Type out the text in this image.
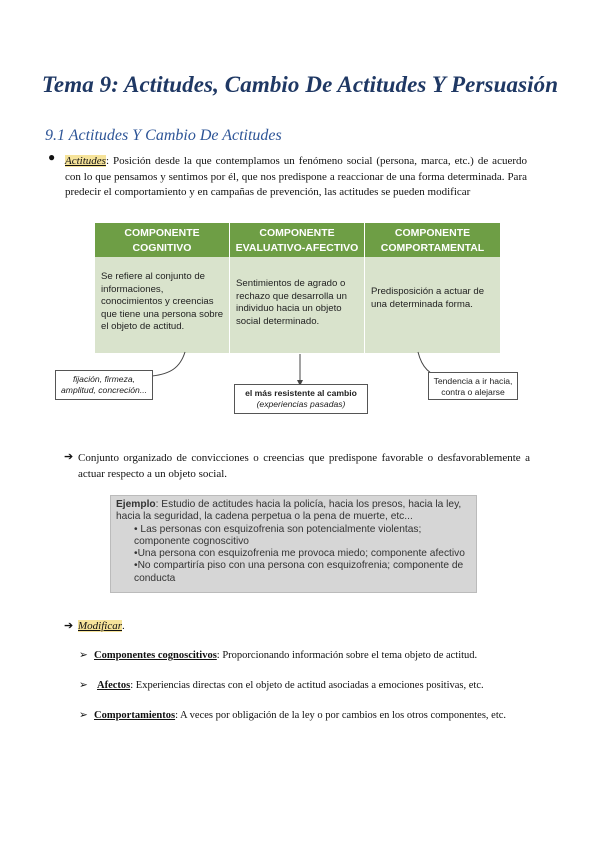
Tema 9: Actitudes, Cambio De Actitudes Y Persuasión
9.1 Actitudes Y Cambio De Actitudes
● Actitudes: Posición desde la que contemplamos un fenómeno social (persona, marca, etc.) de acuerdo con lo que pensamos y sentimos por él, que nos predispone a reaccionar de una forma determinada. Para predecir el comportamiento y en campañas de prevención, las actitudes se pueden modificar
COMPONENTE
COGNITIVO
Se refiere al conjunto de informaciones, conocimientos y creencias que tiene una persona sobre el objeto de actitud.
COMPONENTE
EVALUATIVO-AFECTIVO
Sentimientos de agrado o rechazo que desarrolla un individuo hacia un objeto social determinado.
COMPONENTE
COMPORTAMENTAL
Predisposición a actuar de una determinada forma.
fijación, firmeza, amplitud, concreción...	el más resistente al cambio
(experiencias pasadas)
Tendencia a ir hacia, contra o alejarse
➔ Conjunto organizado de convicciones o creencias que predispone favorable o desfavorablemente a actuar respecto a un objeto social.
Ejemplo: Estudio de actitudes hacia la policía, hacia los presos, hacia la ley, hacia la seguridad, la cadena perpetua o la pena de muerte, etc...
• Las personas con esquizofrenia son potencialmente violentas; componente cognoscitivo
•Una persona con esquizofrenia me provoca miedo; componente afectivo
•No compartiría piso con una persona con esquizofrenia; componente de conducta
➔ Modificar.
➢ Componentes cognoscitivos: Proporcionando información sobre el tema objeto de actitud.
➢ Afectos: Experiencias directas con el objeto de actitud asociadas a emociones positivas, etc.
➢ Comportamientos: A veces por obligación de la ley o por cambios en los otros componentes, etc.
